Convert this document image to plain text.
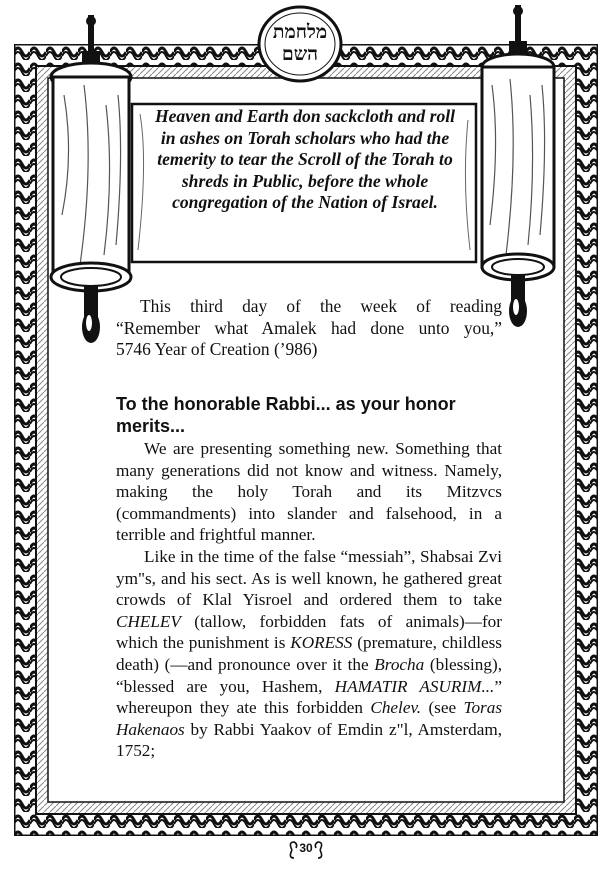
Heaven and Earth don sackcloth and roll in ashes on Torah scholars who had the temerity to tear the Scroll of the Torah to shreds in Public, before the whole congregation of the Nation of Israel.
מלחמת
השם
This third day of the week of reading
“Remember what Amalek had done unto you,”
5746 Year of Creation (’986)
To the honorable Rabbi... as your honor merits...

We are presenting something new. Something that many generations did not know and witness. Namely, making the holy Torah and its Mitzvcs (commandments) into slander and falsehood, in a terrible and frightful manner.

Like in the time of the false “messiah”, Shabsai Zvi ym"s, and his sect. As is well known, he gathered great crowds of Klal Yisroel and ordered them to take CHELEV (tallow, forbidden fats of animals)—for which the punishment is KORESS (premature, childless death) (—and pronounce over it the Brocha (blessing), “blessed are you, Hashem, HAMATIR ASURIM...” whereupon they ate this forbidden Chelev. (see Toras Hakenaos by Rabbi Yaakov of Emdin z"l, Amsterdam, 1752;

30
